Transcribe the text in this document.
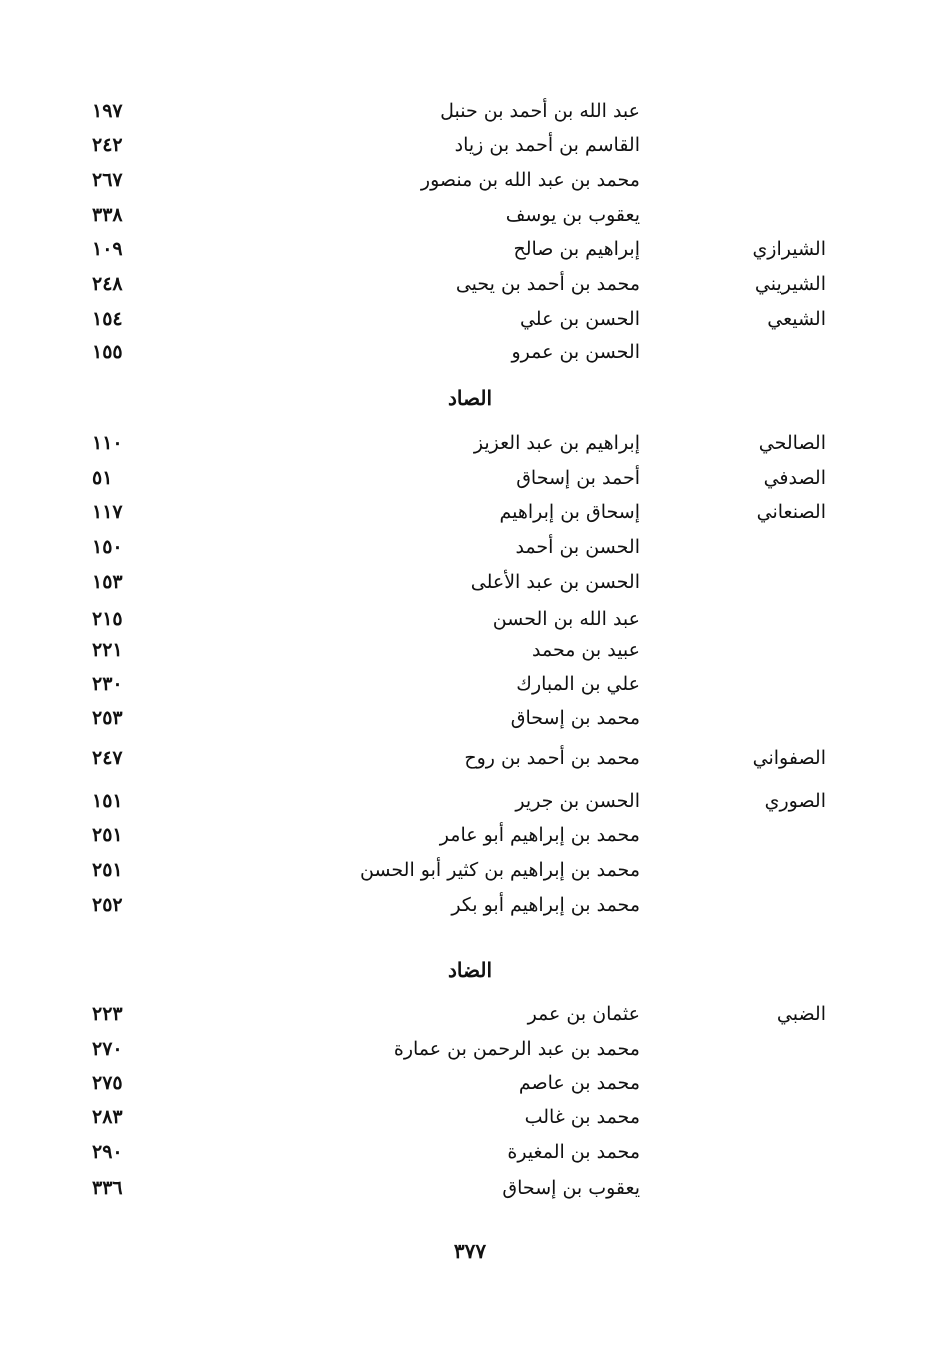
عبد الله بن أحمد بن حنبل
١٩٧
القاسم بن أحمد بن زياد
٢٤٢
محمد بن عبد الله بن منصور
٢٦٧
يعقوب بن يوسف
٣٣٨
الشيرازي
إبراهيم بن صالح
١٠٩
الشيريني
محمد بن أحمد بن يحيى
٢٤٨
الشيعي
الحسن بن علي
١٥٤
الحسن بن عمرو
١٥٥
الصاد
الصالحي
إبراهيم بن عبد العزيز
١١٠
الصدفي
أحمد بن إسحاق
٥١
الصنعاني
إسحاق بن إبراهيم
١١٧
الحسن بن أحمد
١٥٠
الحسن بن عبد الأعلى
١٥٣
عبد الله بن الحسن
٢١٥
عبيد بن محمد
٢٢١
علي بن المبارك
٢٣٠
محمد بن إسحاق
٢٥٣
الصفواني
محمد بن أحمد بن روح
٢٤٧
الصوري
الحسن بن جرير
١٥١
محمد بن إبراهيم أبو عامر
٢٥١
محمد بن إبراهيم بن كثير أبو الحسن
٢٥١
محمد بن إبراهيم أبو بكر
٢٥٢
الضاد
الضبي
عثمان بن عمر
٢٢٣
محمد بن عبد الرحمن بن عمارة
٢٧٠
محمد بن عاصم
٢٧٥
محمد بن غالب
٢٨٣
محمد بن المغيرة
٢٩٠
يعقوب بن إسحاق
٣٣٦
٣٧٧
